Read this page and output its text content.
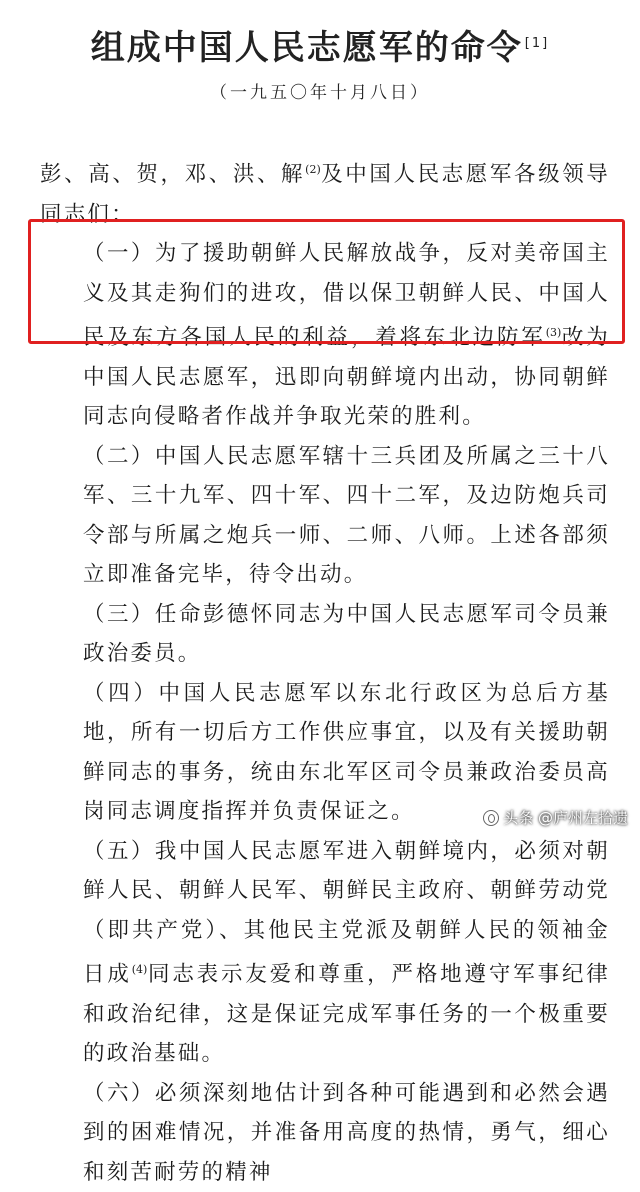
组成中国人民志愿军的命令 [1]
（一九五〇年十月八日）

彭、高、贺，邓、洪、解$^{(2)}$及中国人民志愿军各级领导同志们：

（一）为了援助朝鲜人民解放战争，反对美帝国主义及其走狗们的进攻，借以保卫朝鲜人民、中国人民及东方各国人民的利益，着将东北边防军$^{(3)}$改为中国人民志愿军，迅即向朝鲜境内出动，协同朝鲜同志向侵略者作战并争取光荣的胜利。

（二）中国人民志愿军辖十三兵团及所属之三十八军、三十九军、四十军、四十二军，及边防炮兵司令部与所属之炮兵一师、二师、八师。上述各部须立即准备完毕，待令出动。

（三）任命彭德怀同志为中国人民志愿军司令员兼政治委员。

（四）中国人民志愿军以东北行政区为总后方基地，所有一切后方工作供应事宜，以及有关援助朝鲜同志的事务，统由东北军区司令员兼政治委员高岗同志调度指挥并负责保证之。

（五）我中国人民志愿军进入朝鲜境内，必须对朝鲜人民、朝鲜人民军、朝鲜民主政府、朝鲜劳动党（即共产党）、其他民主党派及朝鲜人民的领袖金日成$^{(4)}$同志表示友爱和尊重，严格地遵守军事纪律和政治纪律，这是保证完成军事任务的一个极重要的政治基础。

（六）必须深刻地估计到各种可能遇到和必然会遇到的困难情况，并准备用高度的热情，勇气，细心和刻苦耐劳的精神

头条 @庐州左拾遗
